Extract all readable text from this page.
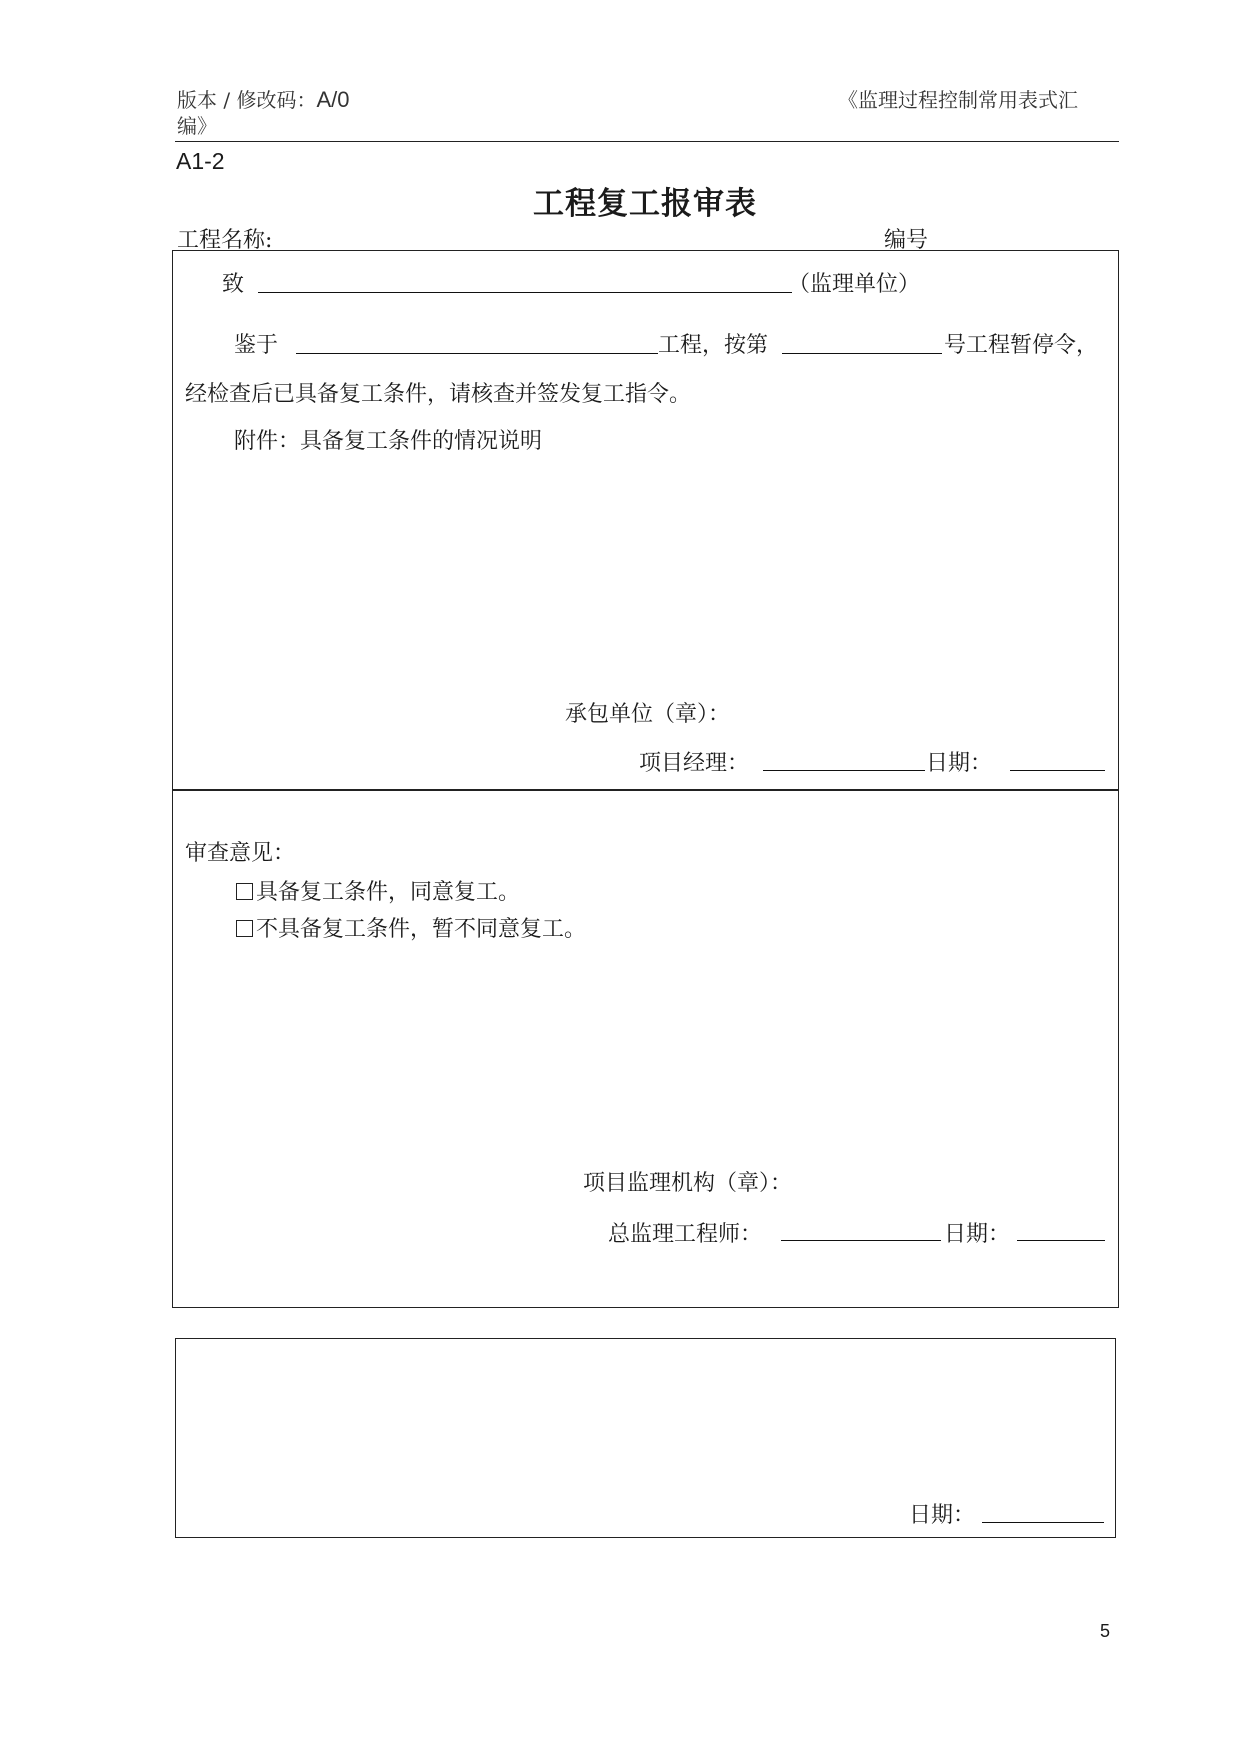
版本 / 修改码：A/0
编》
《监理过程控制常用表式汇
A1-2
工程复工报审表
工程名称:	编号
致	（监理单位）
鉴于	工程，按第	号工程暂停令，
经检查后已具备复工条件，请核查并签发复工指令。
附件：具备复工条件的情况说明
承包单位（章）：
项目经理：	日期：
审查意见：
具备复工条件，同意复工。
不具备复工条件，暂不同意复工。
项目监理机构（章）：
总监理工程师：	日期：
日期：
5
